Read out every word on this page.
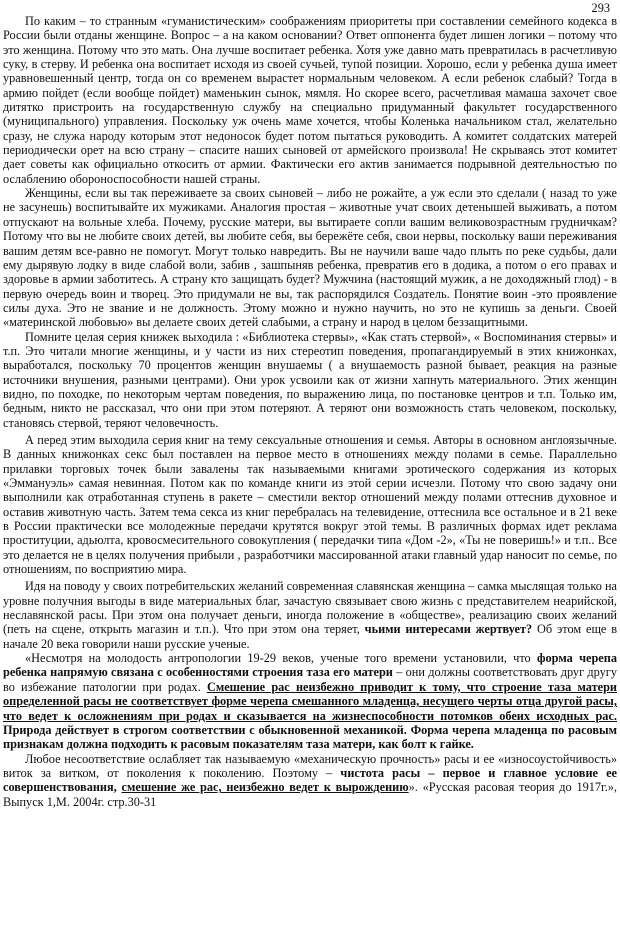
293

По каким – то странным «гуманистическим» соображениям приоритеты при составлении семейного кодекса в России были отданы женщине. Вопрос – а на каком основании? Ответ оппонента будет лишен логики – потому что это женщина. Потому что это мать. Она лучше воспитает ребенка. Хотя уже давно мать превратилась в расчетливую суку, в стерву. И ребенка она воспитает исходя из своей сучьей, тупой позиции. Хорошо, если у ребенка душа имеет уравновешенный центр, тогда он со временем вырастет нормальным человеком. А если ребенок слабый? Тогда в армию пойдет (если вообще пойдет) маменькин сынок, мямля. Но скорее всего, расчетливая мамаша захочет свое дитятко пристроить на государственную службу на специально придуманный факультет государственного (муниципального) управления. Поскольку уж очень маме хочется, чтобы Коленька начальником стал, желательно сразу, не служа народу которым этот недоносок будет потом пытаться руководить. А комитет солдатских матерей периодически орет на всю страну – спасите наших сыновей от армейского произвола! Не скрываясь этот комитет дает советы как официально откосить от армии. Фактически его актив занимается подрывной деятельностью по ослаблению обороноспособности нашей страны.

Женщины, если вы так переживаете за своих сыновей – либо не рожайте, а уж если это сделали ( назад то уже не засунешь) воспитывайте их мужиками. Аналогия простая – животные учат своих детенышей выживать, а потом отпускают на вольные хлеба. Почему, русские матери, вы вытираете сопли вашим великовозрастным грудничкам? Потому что вы не любите своих детей, вы любите себя, вы бережёте себя, свои нервы, поскольку ваши переживания вашим детям все-равно не помогут. Могут только навредить. Вы не научили ваше чадо плыть по реке судьбы, дали ему дырявую лодку в виде слабой воли, забив , зашпыняв ребенка, превратив его в додика, а потом о его правах и здоровье в армии заботитесь. А страну кто защищать будет? Мужчина (настоящий мужик, а не доходяжный глод) - в первую очередь воин и творец. Это придумали не вы, так распорядился Создатель. Понятие воин -это проявление силы духа. Это не звание и не должность. Этому можно и нужно научить, но это не купишь за деньги. Своей «материнской любовью» вы делаете своих детей слабыми, а страну и народ в целом беззащитными.

Помните целая серия книжек выходила : «Библиотека стервы», «Как стать стервой», « Воспоминания стервы» и т.п. Это читали многие женщины, и у части из них стереотип поведения, пропагандируемый в этих книжонках, выработался, поскольку 70 процентов женщин внушаемы ( а внушаемость разной бывает, реакция на разные источники внушения, разными центрами). Они урок усвоили как от жизни хапнуть материального. Этих женщин видно, по походке, по некоторым чертам поведения, по выражению лица, по постановке центров и т.п. Только им, бедным, никто не рассказал, что они при этом потеряют. А теряют они возможность стать человеком, поскольку, становясь стервой, теряют человечность.

А перед этим выходила серия книг на тему сексуальные отношения и семья. Авторы в основном англоязычные. В данных книжонках секс был поставлен на первое место в отношениях между полами в семье. Параллельно прилавки торговых точек были завалены так называемыми книгами эротического содержания из которых «Эммануэль» самая невинная. Потом как по команде книги из этой серии исчезли. Потому что свою задачу они выполнили как отработанная ступень в ракете – сместили вектор отношений между полами оттеснив духовное и оставив животную часть. Затем тема секса из книг перебралась на телевидение, оттеснила все остальное и в 21 веке в России практически все молодежные передачи крутятся вокруг этой темы. В различных формах идет реклама проституции, адьюлта, кровосмесительного совокупления ( передачки типа «Дом -2», «Ты не поверишь!» и т.п.. Все это делается не в целях получения прибыли , разработчики массированной атаки главный удар наносит по семье, по отношениям, по восприятию мира.

Идя на поводу у своих потребительских желаний современная славянская женщина – самка мыслящая только на уровне получния выгоды в виде материальных благ, зачастую связывает свою жизнь с представителем неарийской, неславянской расы. При этом она получает деньги, иногда положение в «обществе», реализацию своих желаний (петь на сцене, открыть магазин и т.п.). Что при этом она теряет, чьими интересами жертвует? Об этом еще в начале 20 века говорили наши русские ученые.

«Несмотря на молодость антропологии 19-29 веков, ученые того времени установили, что форма черепа ребенка напрямую связана с особенностями строения таза его матери – они должны соответствовать друг другу во избежание патологии при родах. Смешение рас неизбежно приводит к тому, что строение таза матери определенной расы не соответствует форме черепа смешанного младенца, несущего черты отца другой расы, что ведет к осложнениям при родах и сказывается на жизнеспособности потомков обеих исходных рас. Природа действует в строгом соответствии с обыкновенной механикой. Форма черепа младенца по расовым признакам должна подходить к расовым показателям таза матери, как болт к гайке.

Любое несоответствие ослабляет так называемую «механическую прочность» расы и ее «износоустойчивость» виток за витком, от поколения к поколению. Поэтому – чистота расы – первое и главное условие ее совершенствования, смешение же рас, неизбежно ведет к вырождению». «Русская расовая теория до 1917г.», Выпуск 1,М. 2004г. стр.30-31
